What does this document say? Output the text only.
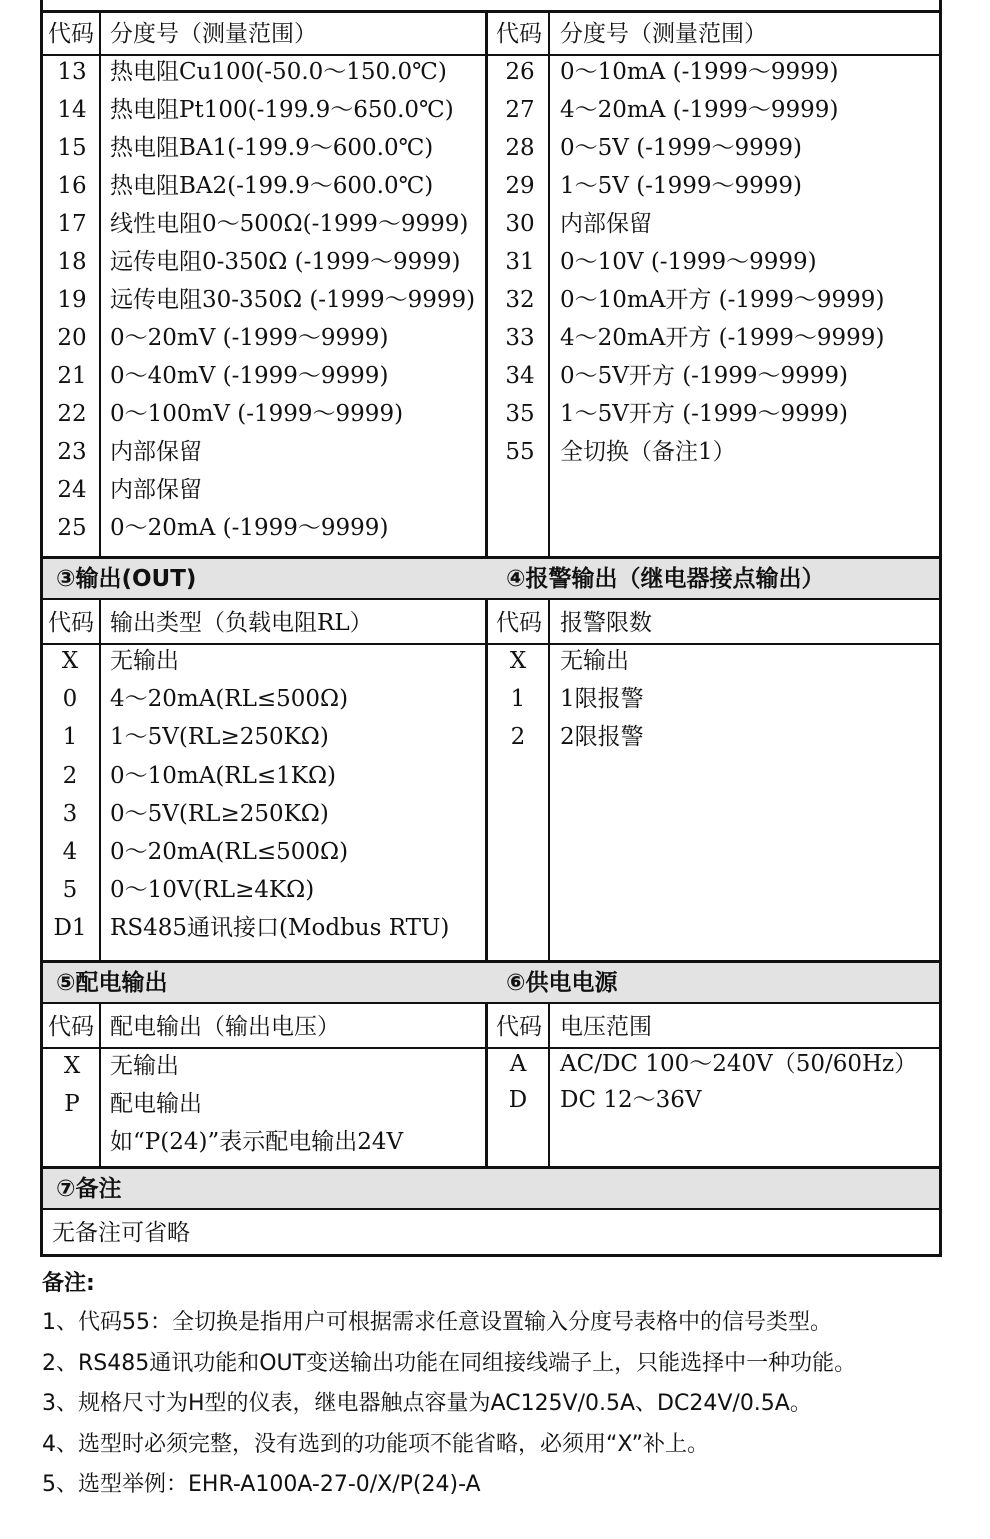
代码 分度号（测量范围）	代码 分度号（测量范围）
13	热电阻Cu100(-50.0～150.0℃)
14	热电阻Pt100(-199.9～650.0℃)
15	热电阻BA1(-199.9～600.0℃)
16	热电阻BA2(-199.9～600.0℃)
17	线性电阻0～500Ω(-1999～9999)
18	远传电阻0-350Ω (-1999～9999)
19	远传电阻30-350Ω (-1999～9999)
20	0～20mV (-1999～9999)
21	0～40mV (-1999～9999)
22	0～100mV (-1999～9999)
23	内部保留
24	内部保留
25	0～20mA (-1999～9999)
26	0～10mA (-1999～9999)
27	4～20mA (-1999～9999)
28	0～5V (-1999～9999)
29	1～5V (-1999～9999)
30	内部保留
31	0～10V (-1999～9999)
32	0～10mA开方 (-1999～9999)
33	4～20mA开方 (-1999～9999)
34	0～5V开方 (-1999～9999)
35	1～5V开方 (-1999～9999)
55	全切换（备注1）
③输出(OUT)	④报警输出（继电器接点输出）
代码 输出类型（负载电阻RL）	代码 报警限数
X	无输出
0	4～20mA(RL≤500Ω)
1	1～5V(RL≥250KΩ)
2	0～10mA(RL≤1KΩ)
3	0～5V(RL≥250KΩ)
4	0～20mA(RL≤500Ω)
5	0～10V(RL≥4KΩ)
D1	RS485通讯接口(Modbus RTU)
X	无输出
1	1限报警
2	2限报警
⑤配电输出	⑥供电电源
代码 配电输出（输出电压）	代码 电压范围
X	无输出
P	配电输出
如“P(24)”表示配电输出24V
A	AC/DC 100～240V（50/60Hz）
D	DC 12～36V
⑦备注
无备注可省略
备注:
1、代码55：全切换是指用户可根据需求任意设置输入分度号表格中的信号类型。
2、RS485通讯功能和OUT变送输出功能在同组接线端子上，只能选择中一种功能。
3、规格尺寸为H型的仪表，继电器触点容量为AC125V/0.5A、DC24V/0.5A。
4、选型时必须完整，没有选到的功能项不能省略，必须用“X”补上。
5、选型举例：EHR-A100A-27-0/X/P(24)-A
